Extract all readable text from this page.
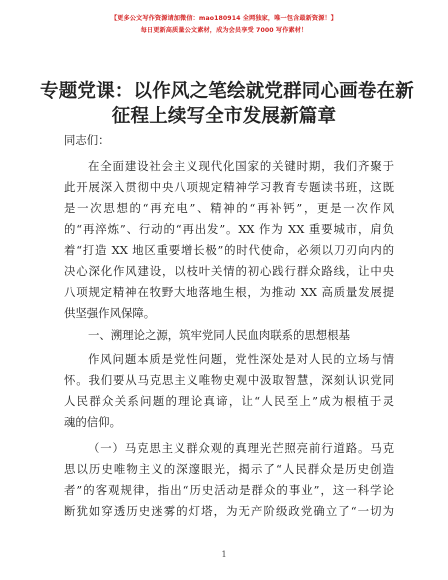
【更多公文写作资源请加微信：mao180914 全网独家，唯一包含最新资源！】
每日更新高质量公文素材，成为会员享受 7000 写作素材！
专题党课：以作风之笔绘就党群同心画卷在新
征程上续写全市发展新篇章
同志们：
在全面建设社会主义现代化国家的关键时期，我们齐聚于
此开展深入贯彻中央八项规定精神学习教育专题读书班，这既
是一次思想的“再充电”、精神的“再补钙”，更是一次作风
的“再淬炼”、行动的“再出发”。XX 作为 XX 重要城市，肩负
着“打造 XX 地区重要增长极”的时代使命，必须以刀刃向内的
决心深化作风建设，以枝叶关情的初心践行群众路线，让中央
八项规定精神在牧野大地落地生根，为推动 XX 高质量发展提
供坚强作风保障。
一、溯理论之源，筑牢党同人民血肉联系的思想根基
作风问题本质是党性问题，党性深处是对人民的立场与情
怀。我们要从马克思主义唯物史观中汲取智慧，深刻认识党同
人民群众关系问题的理论真谛，让“人民至上”成为根植于灵
魂的信仰。
（一）马克思主义群众观的真理光芒照亮前行道路。马克
思以历史唯物主义的深邃眼光，揭示了“人民群众是历史创造
者”的客观规律，指出“历史活动是群众的事业”，这一科学论
断犹如穿透历史迷雾的灯塔，为无产阶级政党确立了“一切为
1
